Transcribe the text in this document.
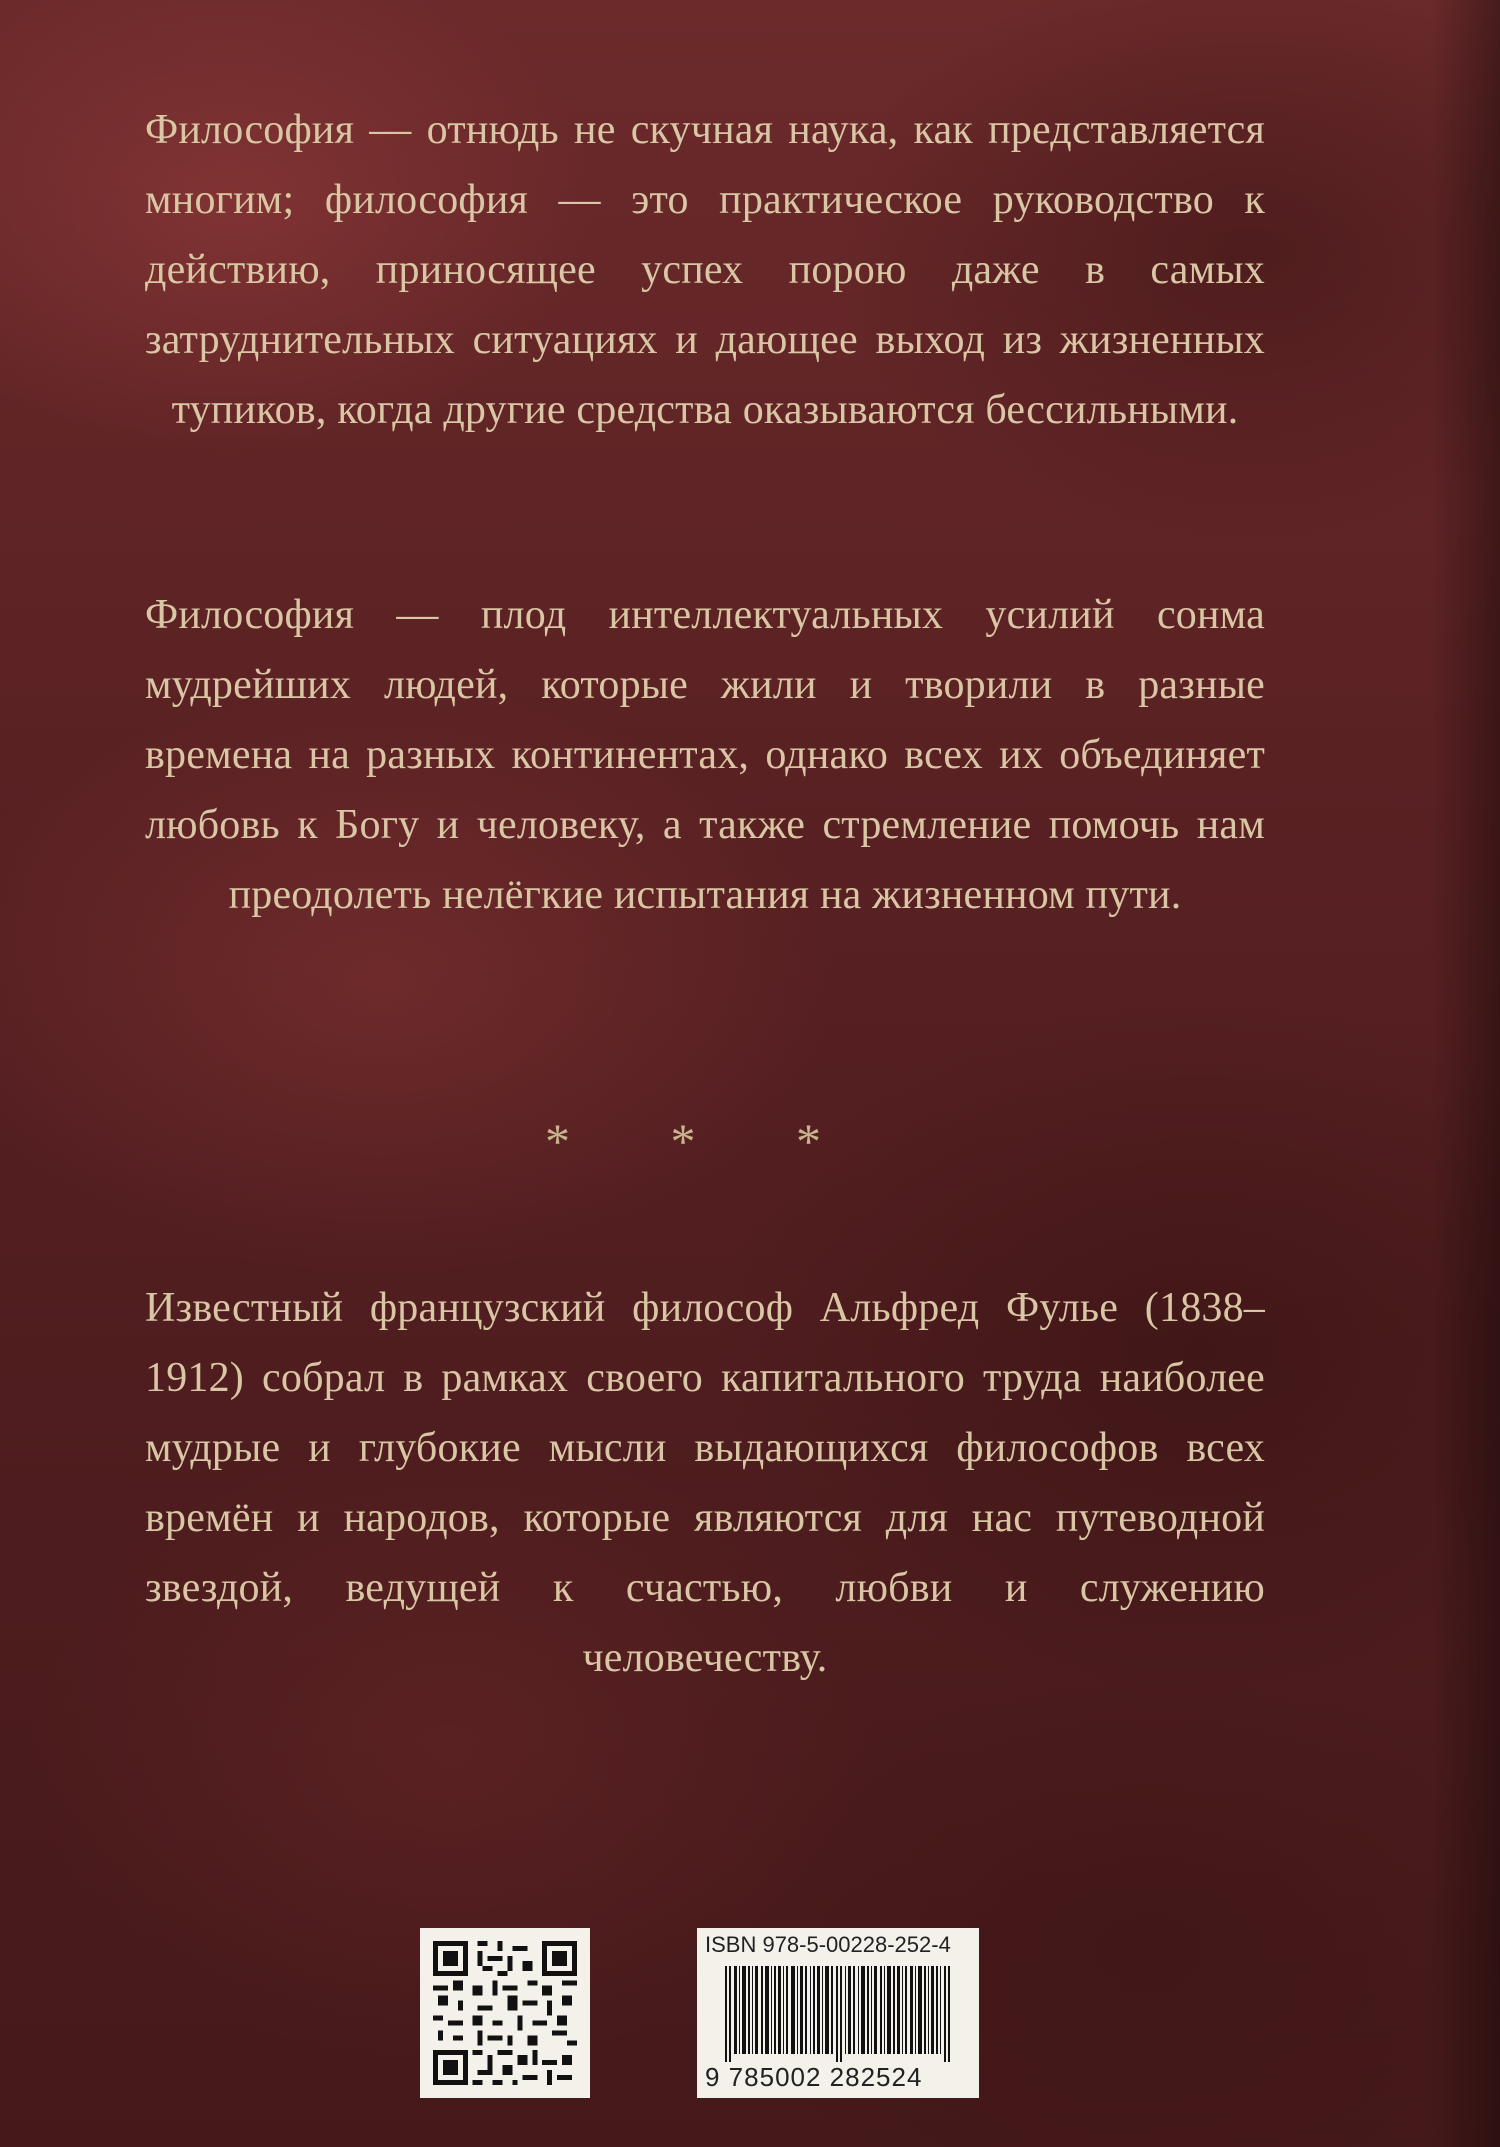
Философия — отнюдь не скучная наука, как представляется многим; философия — это практическое руководство к действию, приносящее успех порою даже в самых затруднительных ситуациях и дающее выход из жизненных тупиков, когда другие средства оказываются бессильными.

Философия — плод интеллектуальных усилий сонма мудрейших людей, которые жили и творили в разные времена на разных континентах, однако всех их объединяет любовь к Богу и человеку, а также стремление помочь нам преодолеть нелёгкие испытания на жизненном пути.

* * *

Известный французский философ Альфред Фулье (1838–1912) собрал в рамках своего капитального труда наиболее мудрые и глубокие мысли выдающихся философов всех времён и народов, которые являются для нас путеводной звездой, ведущей к счастью, любви и служению человечеству.

ISBN 978-5-00228-252-4
9 785002 282524
